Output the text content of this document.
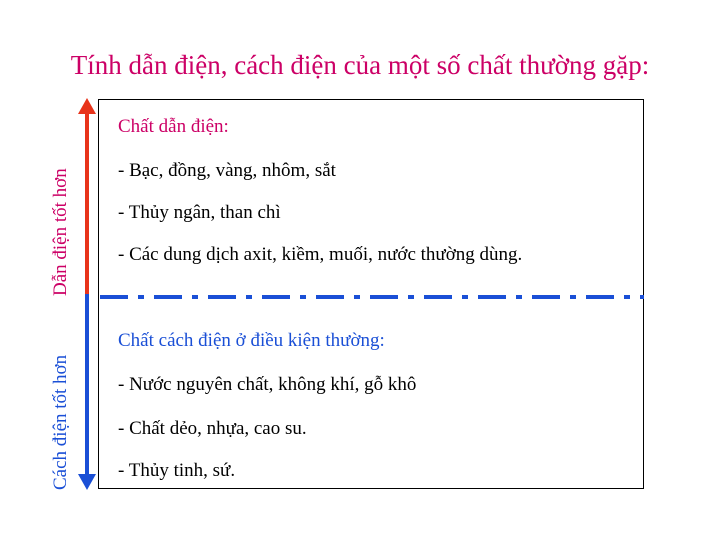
Tính dẫn điện, cách điện của một số chất thường gặp:
Dẫn điện tốt hơn
Cách điện tốt hơn
Chất dẫn điện:
- Bạc, đồng, vàng, nhôm, sắt
- Thủy ngân, than chì
- Các dung dịch axit, kiềm, muối, nước thường dùng.
Chất cách điện ở điều kiện thường:
- Nước nguyên chất, không khí, gỗ khô
- Chất dẻo, nhựa, cao su.
- Thủy tinh, sứ.
